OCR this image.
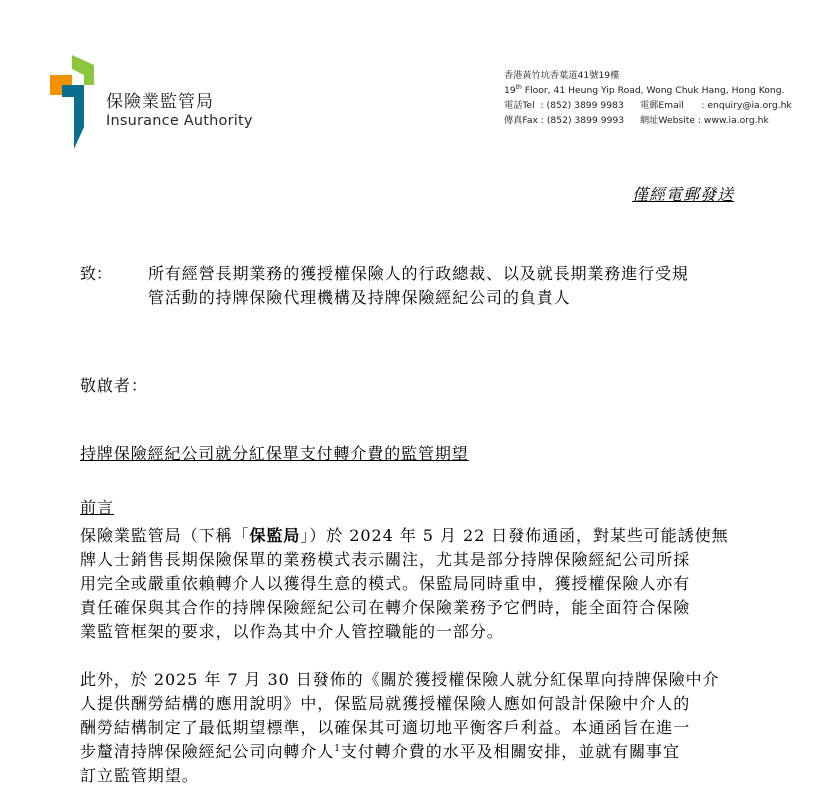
保險業監管局
Insurance Authority
香港黃竹坑香葉道41號19樓
19th Floor, 41 Heung Yip Road, Wong Chuk Hang, Hong Kong.
電話Tel  : (852) 3899 9983 電郵Email      : enquiry@ia.org.hk
傳真Fax : (852) 3899 9993 網址Website : www.ia.org.hk
僅經電郵發送
致： 所有經營長期業務的獲授權保險人的行政總裁、以及就長期業務進行受規
管活動的持牌保險代理機構及持牌保險經紀公司的負責人
敬啟者：
持牌保險經紀公司就分紅保單支付轉介費的監管期望
前言
保險業監管局（下稱「保監局」）於 2024 年 5 月 22 日發佈通函，對某些可能誘使無
牌人士銷售長期保險保單的業務模式表示關注，尤其是部分持牌保險經紀公司所採
用完全或嚴重依賴轉介人以獲得生意的模式。保監局同時重申，獲授權保險人亦有
責任確保與其合作的持牌保險經紀公司在轉介保險業務予它們時，能全面符合保險
業監管框架的要求，以作為其中介人管控職能的一部分。
此外，於 2025 年 7 月 30 日發佈的《關於獲授權保險人就分紅保單向持牌保險中介
人提供酬勞結構的應用說明》中，保監局就獲授權保險人應如何設計保險中介人的
酬勞結構制定了最低期望標準，以確保其可適切地平衡客戶利益。本通函旨在進一
步釐清持牌保險經紀公司向轉介人$^1$支付轉介費的水平及相關安排，並就有關事宜
訂立監管期望。
